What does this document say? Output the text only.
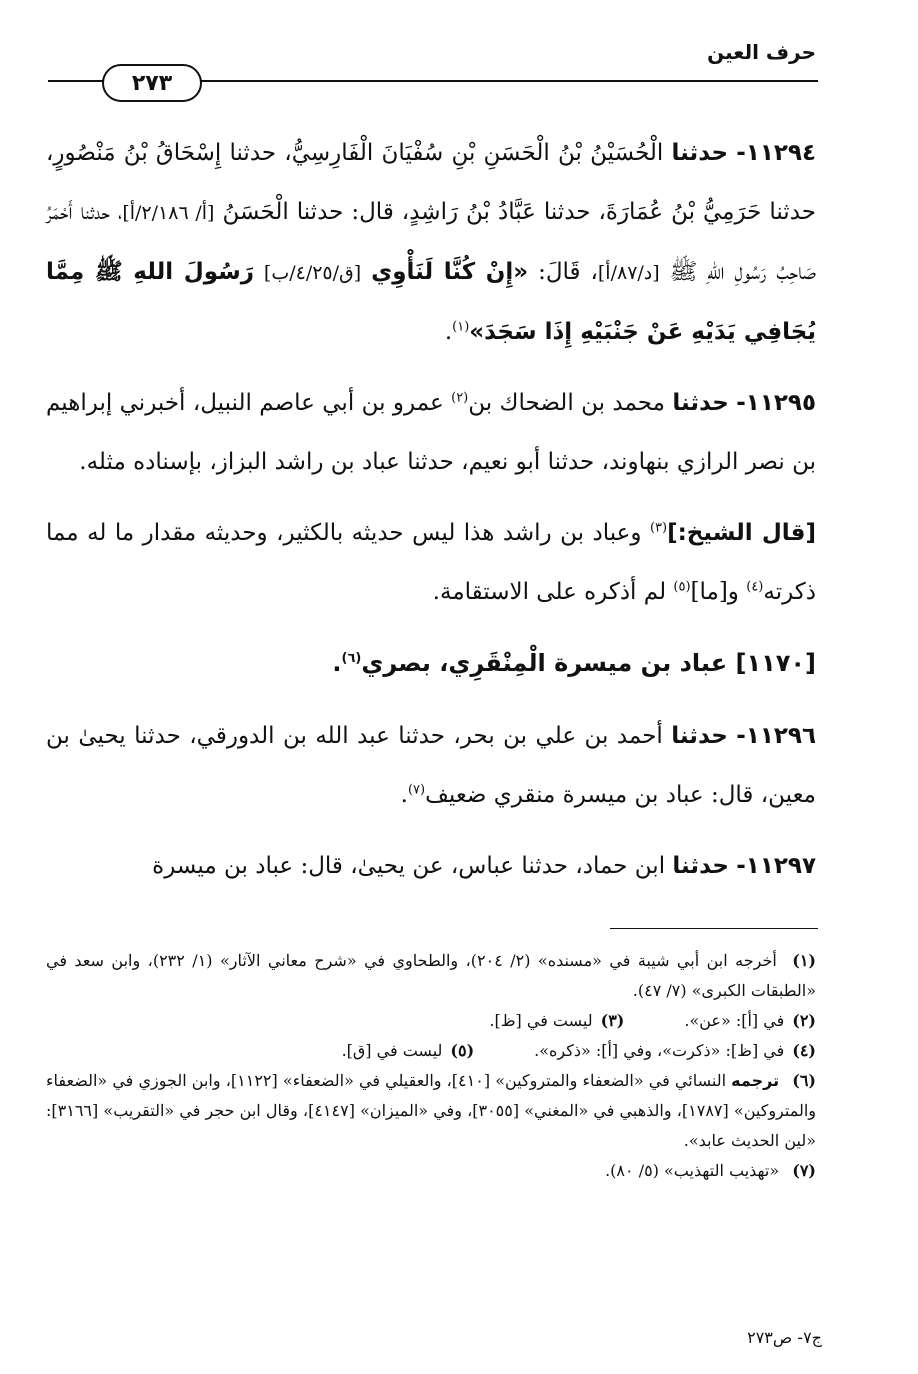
حرف العين
٢٧٣

١١٢٩٤- حدثنا الْحُسَيْنُ بْنُ الْحَسَنِ بْنِ سُفْيَانَ الْفَارِسِيُّ، حدثنا إِسْحَاقُ بْنُ مَنْصُورٍ، حدثنا حَرَمِيُّ بْنُ عُمَارَةَ، حدثنا عَبَّادُ بْنُ رَاشِدٍ، قال: حدثنا الْحَسَنُ [أ/ ٢/١٨٦/أ]، حدثنا أَحْمَرُ صَاحِبُ رَسُولِ اللهِ ﷺ [د/٨٧/أ]، قَالَ: «إِنْ كُنَّا لَنَأْوِي [ق/٤/٢٥/ب] رَسُولَ اللهِ ﷺ مِمَّا يُجَافِي يَدَيْهِ عَنْ جَنْبَيْهِ إِذَا سَجَدَ»$^{(١)}$.

١١٢٩٥- حدثنا محمد بن الضحاك بن$^{(٢)}$ عمرو بن أبي عاصم النبيل، أخبرني إبراهيم بن نصر الرازي بنهاوند، حدثنا أبو نعيم، حدثنا عباد بن راشد البزاز، بإسناده مثله.

[قال الشيخ:]$^{(٣)}$ وعباد بن راشد هذا ليس حديثه بالكثير، وحديثه مقدار ما له مما ذكرته$^{(٤)}$ و[ما]$^{(٥)}$ لم أذكره على الاستقامة.

[١١٧٠] عباد بن ميسرة الْمِنْقَرِي، بصري$^{(٦)}$.

١١٢٩٦- حدثنا أحمد بن علي بن بحر، حدثنا عبد الله بن الدورقي، حدثنا يحيىٰ بن معين، قال: عباد بن ميسرة منقري ضعيف$^{(٧)}$.

١١٢٩٧- حدثنا ابن حماد، حدثنا عباس، عن يحيىٰ، قال: عباد بن ميسرة

(١) أخرجه ابن أبي شيبة في «مسنده» (٢/ ٢٠٤)، والطحاوي في «شرح معاني الآثار» (١/ ٢٣٢)، وابن سعد في «الطبقات الكبرى» (٧/ ٤٧).

(٢)في [أ]: «عن».
(٣)ليست في [ظ].
(٤)في [ظ]: «ذكرت»، وفي [أ]: «ذكره».
(٥)ليست في [ق].

(٦) ترجمه النسائي في «الضعفاء والمتروكين» [٤١٠]، والعقيلي في «الضعفاء» [١١٢٢]، وابن الجوزي في «الضعفاء والمتروكين» [١٧٨٧]، والذهبي في «المغني» [٣٠٥٥]، وفي «الميزان» [٤١٤٧]، وقال ابن حجر في «التقريب» [٣١٦٦]: «لين الحديث عابد».

(٧) «تهذيب التهذيب» (٥/ ٨٠).

ج٧- ص٢٧٣
